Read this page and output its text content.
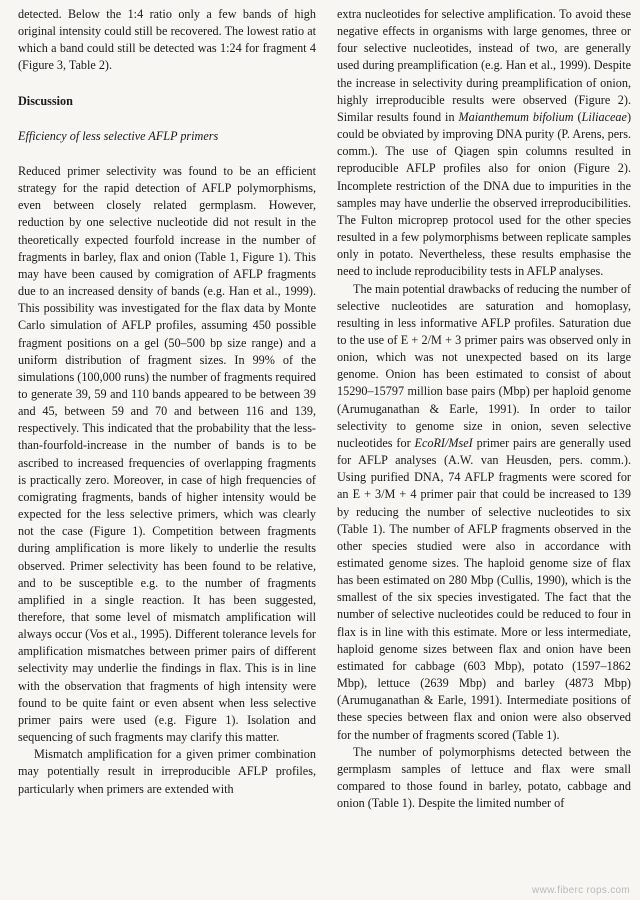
detected. Below the 1:4 ratio only a few bands of high original intensity could still be recovered. The lowest ratio at which a band could still be detected was 1:24 for fragment 4 (Figure 3, Table 2).

Discussion

Efficiency of less selective AFLP primers

Reduced primer selectivity was found to be an efficient strategy for the rapid detection of AFLP polymorphisms, even between closely related germplasm. However, reduction by one selective nucleotide did not result in the theoretically expected fourfold increase in the number of fragments in barley, flax and onion (Table 1, Figure 1). This may have been caused by comigration of AFLP fragments due to an increased density of bands (e.g. Han et al., 1999). This possibility was investigated for the flax data by Monte Carlo simulation of AFLP profiles, assuming 450 possible fragment positions on a gel (50–500 bp size range) and a uniform distribution of fragment sizes. In 99% of the simulations (100,000 runs) the number of fragments required to generate 39, 59 and 110 bands appeared to be between 39 and 45, between 59 and 70 and between 116 and 139, respectively. This indicated that the probability that the less-than-fourfold-increase in the number of bands is to be ascribed to increased frequencies of overlapping fragments is practically zero. Moreover, in case of high frequencies of comigrating fragments, bands of higher intensity would be expected for the less selective primers, which was clearly not the case (Figure 1). Competition between fragments during amplification is more likely to underlie the results observed. Primer selectivity has been found to be relative, and to be susceptible e.g. to the number of fragments amplified in a single reaction. It has been suggested, therefore, that some level of mismatch amplification will always occur (Vos et al., 1995). Different tolerance levels for amplification mismatches between primer pairs of different selectivity may underlie the findings in flax. This is in line with the observation that fragments of high intensity were found to be quite faint or even absent when less selective primer pairs were used (e.g. Figure 1). Isolation and sequencing of such fragments may clarify this matter.

Mismatch amplification for a given primer combination may potentially result in irreproducible AFLP profiles, particularly when primers are extended with

extra nucleotides for selective amplification. To avoid these negative effects in organisms with large genomes, three or four selective nucleotides, instead of two, are generally used during preamplification (e.g. Han et al., 1999). Despite the increase in selectivity during preamplification of onion, highly irreproducible results were observed (Figure 2). Similar results found in Maianthemum bifolium (Liliaceae) could be obviated by improving DNA purity (P. Arens, pers. comm.). The use of Qiagen spin columns resulted in reproducible AFLP profiles also for onion (Figure 2). Incomplete restriction of the DNA due to impurities in the samples may have underlie the observed irreproducibilities. The Fulton microprep protocol used for the other species resulted in a few polymorphisms between replicate samples only in potato. Nevertheless, these results emphasise the need to include reproducibility tests in AFLP analyses.

The main potential drawbacks of reducing the number of selective nucleotides are saturation and homoplasy, resulting in less informative AFLP profiles. Saturation due to the use of E + 2/M + 3 primer pairs was observed only in onion, which was not unexpected based on its large genome. Onion has been estimated to consist of about 15290–15797 million base pairs (Mbp) per haploid genome (Arumuganathan & Earle, 1991). In order to tailor selectivity to genome size in onion, seven selective nucleotides for EcoRI/MseI primer pairs are generally used for AFLP analyses (A.W. van Heusden, pers. comm.). Using purified DNA, 74 AFLP fragments were scored for an E + 3/M + 4 primer pair that could be increased to 139 by reducing the number of selective nucleotides to six (Table 1). The number of AFLP fragments observed in the other species studied were also in accordance with estimated genome sizes. The haploid genome size of flax has been estimated on 280 Mbp (Cullis, 1990), which is the smallest of the six species investigated. The fact that the number of selective nucleotides could be reduced to four in flax is in line with this estimate. More or less intermediate, haploid genome sizes between flax and onion have been estimated for cabbage (603 Mbp), potato (1597–1862 Mbp), lettuce (2639 Mbp) and barley (4873 Mbp) (Arumuganathan & Earle, 1991). Intermediate positions of these species between flax and onion were also observed for the number of fragments scored (Table 1).

The number of polymorphisms detected between the germplasm samples of lettuce and flax were small compared to those found in barley, potato, cabbage and onion (Table 1). Despite the limited number of

www.fiberc rops.com
